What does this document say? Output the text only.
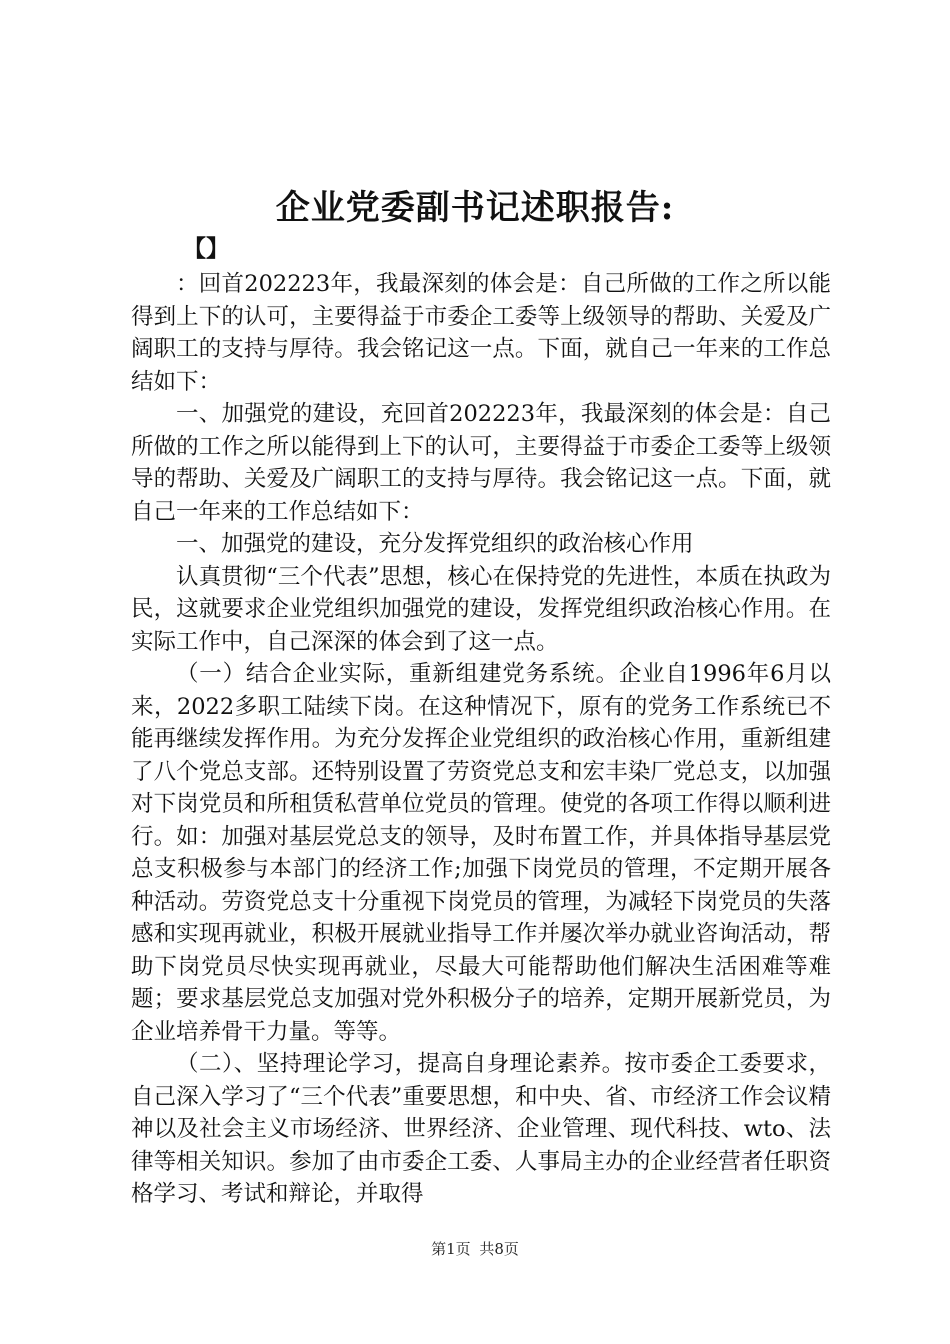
企业党委副书记述职报告:
【】

：回首202223年，我最深刻的体会是：自己所做的工作之所以能得到上下的认可，主要得益于市委企工委等上级领导的帮助、关爱及广阔职工的支持与厚待。我会铭记这一点。下面，就自己一年来的工作总结如下：

一、加强党的建设，充回首202223年，我最深刻的体会是：自己所做的工作之所以能得到上下的认可，主要得益于市委企工委等上级领导的帮助、关爱及广阔职工的支持与厚待。我会铭记这一点。下面，就自己一年来的工作总结如下：

一、加强党的建设，充分发挥党组织的政治核心作用

认真贯彻“三个代表”思想，核心在保持党的先进性，本质在执政为民，这就要求企业党组织加强党的建设，发挥党组织政治核心作用。在实际工作中，自己深深的体会到了这一点。

（一）结合企业实际，重新组建党务系统。企业自1996年6月以来，2022多职工陆续下岗。在这种情况下，原有的党务工作系统已不能再继续发挥作用。为充分发挥企业党组织的政治核心作用，重新组建了八个党总支部。还特别设置了劳资党总支和宏丰染厂党总支，以加强对下岗党员和所租赁私营单位党员的管理。使党的各项工作得以顺利进行。如：加强对基层党总支的领导，及时布置工作，并具体指导基层党总支积极参与本部门的经济工作;加强下岗党员的管理，不定期开展各种活动。劳资党总支十分重视下岗党员的管理，为减轻下岗党员的失落感和实现再就业，积极开展就业指导工作并屡次举办就业咨询活动，帮助下岗党员尽快实现再就业，尽最大可能帮助他们解决生活困难等难题；要求基层党总支加强对党外积极分子的培养，定期开展新党员，为企业培养骨干力量。等等。

（二）、坚持理论学习，提高自身理论素养。按市委企工委要求，自己深入学习了“三个代表”重要思想，和中央、省、市经济工作会议精神以及社会主义市场经济、世界经济、企业管理、现代科技、wto、法律等相关知识。参加了由市委企工委、人事局主办的企业经营者任职资格学习、考试和辩论，并取得

第1页 共8页
